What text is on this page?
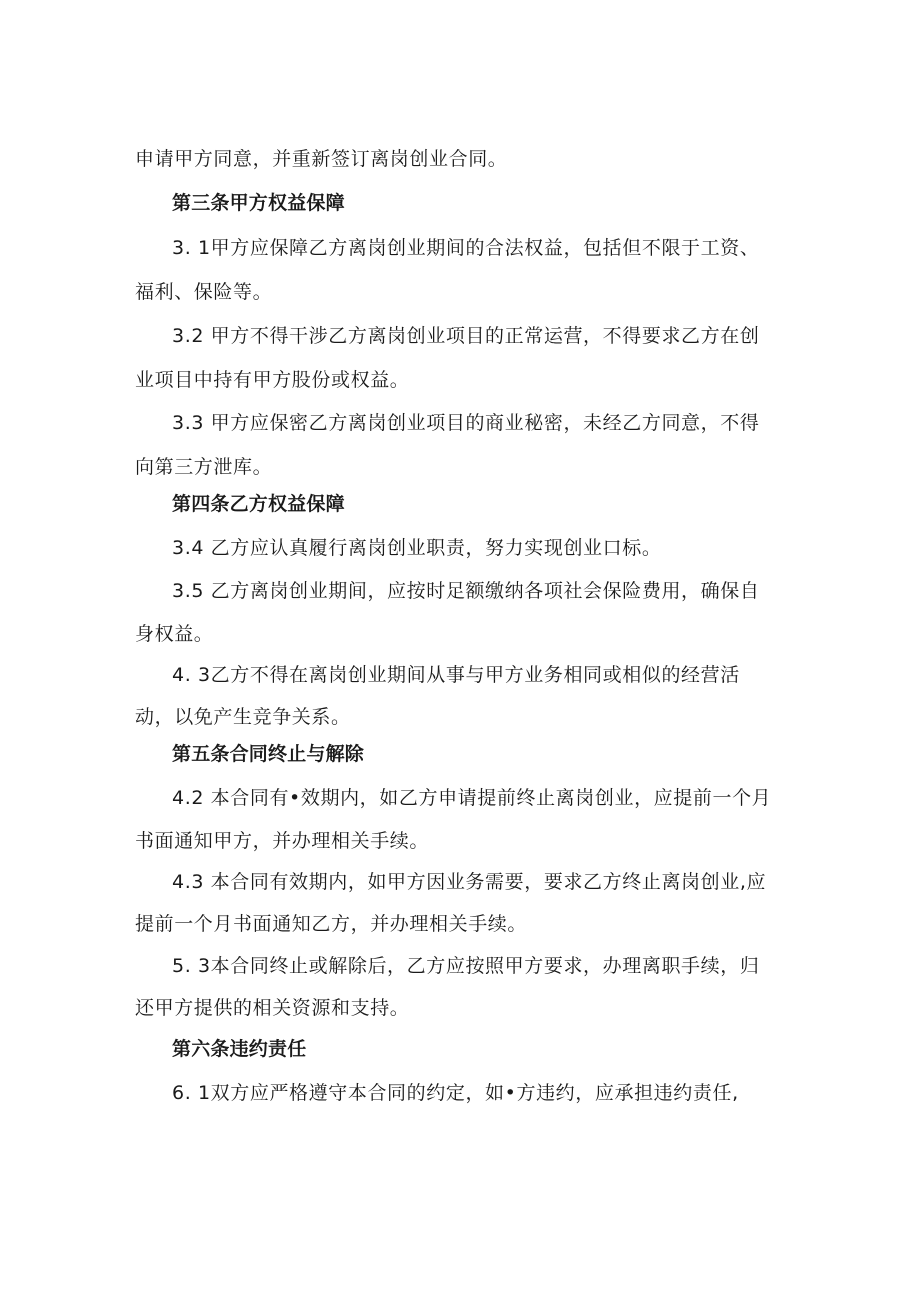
申请甲方同意，并重新签订离岗创业合同。
第三条甲方权益保障
3. 1甲方应保障乙方离岗创业期间的合法权益，包括但不限于工资、
福利、保险等。
3.2 甲方不得干涉乙方离岗创业项目的正常运营，不得要求乙方在创
业项目中持有甲方股份或权益。
3.3 甲方应保密乙方离岗创业项目的商业秘密，未经乙方同意，不得
向第三方泄库。
第四条乙方权益保障
3.4 乙方应认真履行离岗创业职责，努力实现创业口标。
3.5 乙方离岗创业期间，应按时足额缴纳各项社会保险费用，确保自
身权益。
4. 3乙方不得在离岗创业期间从事与甲方业务相同或相似的经营活
动，以免产生竞争关系。
第五条合同终止与解除
4.2 本合同有•效期内，如乙方申请提前终止离岗创业，应提前一个月
书面通知甲方，并办理相关手续。
4.3 本合同有效期内，如甲方因业务需要，要求乙方终止离岗创业,应
提前一个月书面通知乙方，并办理相关手续。
5. 3本合同终止或解除后，乙方应按照甲方要求，办理离职手续，归
还甲方提供的相关资源和支持。
第六条违约责任
6. 1双方应严格遵守本合同的约定，如•方违约，应承担违约责任,
